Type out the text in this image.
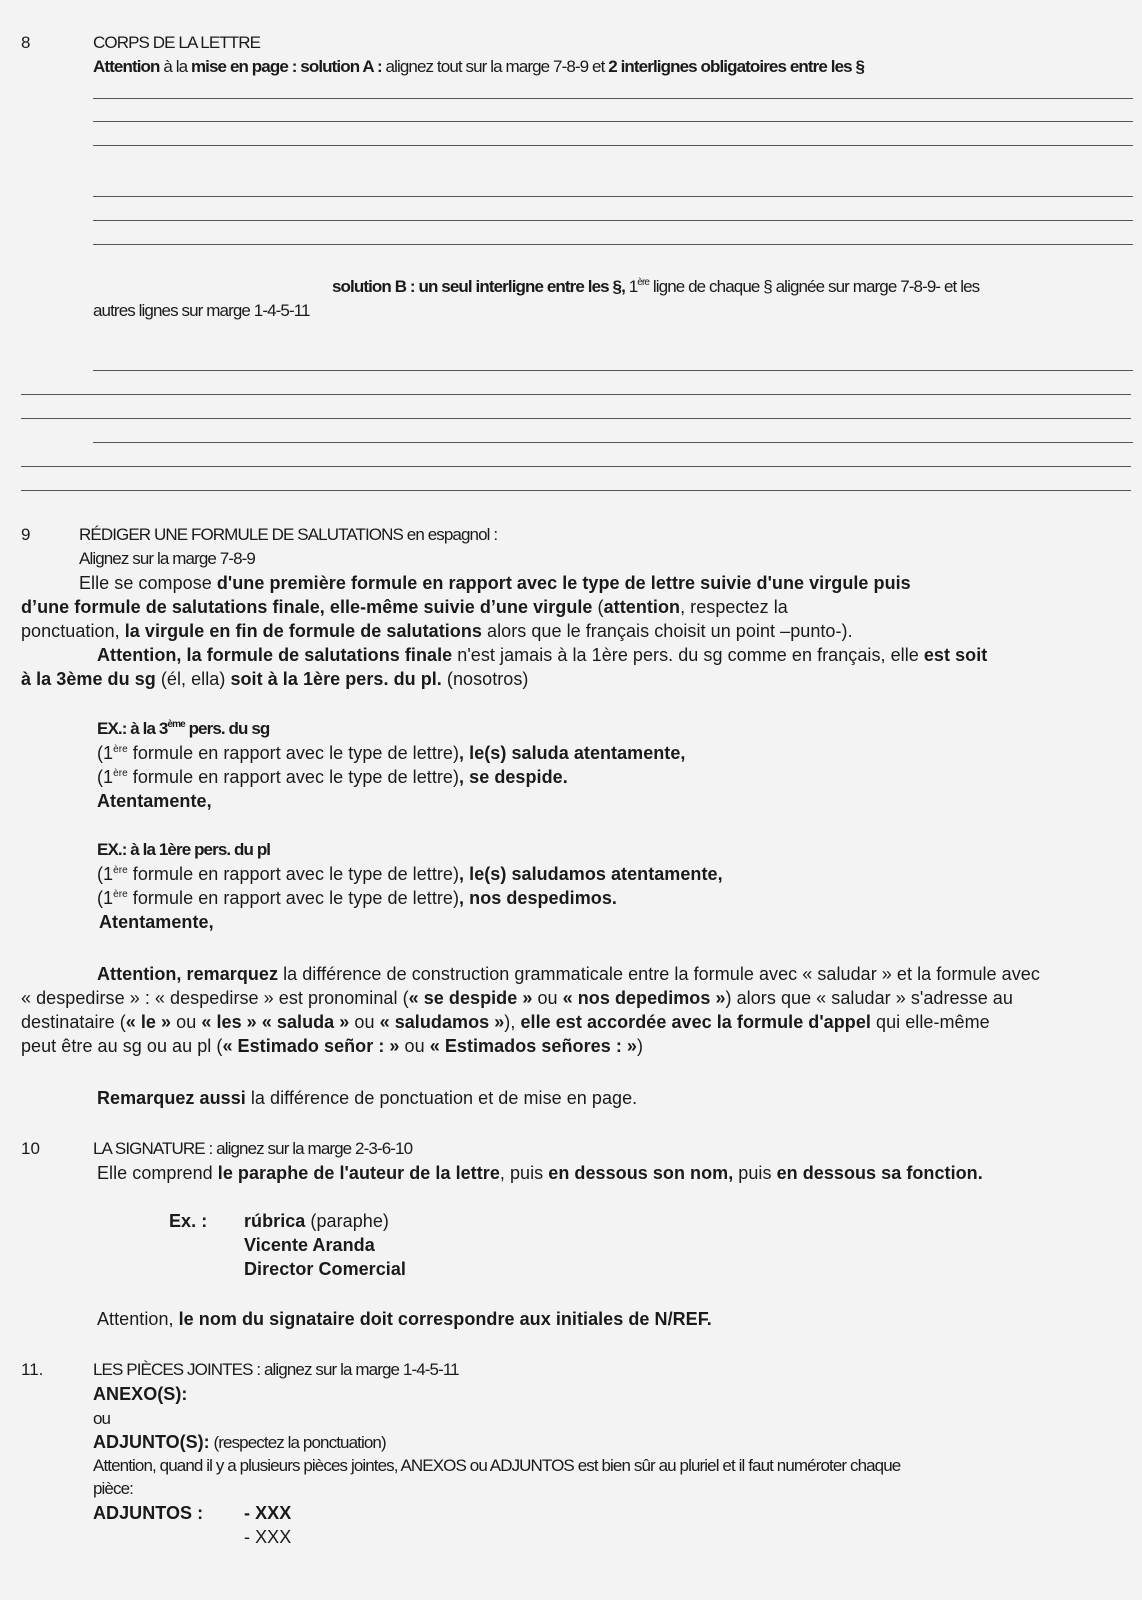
8	CORPS DE LA LETTRE
Attention à la mise en page : solution A : alignez tout sur la marge 7-8-9 et 2 interlignes obligatoires entre les §
solution B : un seul interligne entre les §, 1ère ligne de chaque § alignée sur marge 7-8-9- et les
autres lignes sur marge 1-4-5-11
9	RÉDIGER UNE FORMULE DE SALUTATIONS en espagnol :
Alignez sur la marge 7-8-9
Elle se compose d'une première formule en rapport avec le type de lettre suivie d'une virgule puis
d’une formule de salutations finale, elle-même suivie d’une virgule (attention, respectez la
ponctuation, la virgule en fin de formule de salutations alors que le français choisit un point –punto-).
Attention, la formule de salutations finale n'est jamais à la 1ère pers. du sg comme en français, elle est soit
à la 3ème du sg (él, ella) soit à la 1ère pers. du pl. (nosotros)
EX.: à la 3ème pers. du sg
(1ère formule en rapport avec le type de lettre), le(s) saluda atentamente,
(1ère formule en rapport avec le type de lettre), se despide.
Atentamente,
EX.: à la 1ère pers. du pl
(1ère formule en rapport avec le type de lettre), le(s) saludamos atentamente,
(1ère formule en rapport avec le type de lettre), nos despedimos.
Atentamente,
Attention, remarquez la différence de construction grammaticale entre la formule avec « saludar » et la formule avec
« despedirse » : « despedirse » est pronominal (« se despide » ou « nos depedimos ») alors que « saludar » s'adresse au
destinataire (« le » ou « les » « saluda » ou « saludamos »), elle est accordée avec la formule d'appel qui elle-même
peut être au sg ou au pl (« Estimado señor : » ou « Estimados señores : »)
Remarquez aussi la différence de ponctuation et de mise en page.
10	LA SIGNATURE : alignez sur la marge 2-3-6-10
Elle comprend le paraphe de l'auteur de la lettre, puis en dessous son nom, puis en dessous sa fonction.
Ex. : rúbrica (paraphe)
Vicente Aranda
Director Comercial
Attention, le nom du signataire doit correspondre aux initiales de N/REF.
11.	LES PIÈCES JOINTES : alignez sur la marge 1-4-5-11
ANEXO(S):
ou
ADJUNTO(S): (respectez la ponctuation)
Attention, quand il y a plusieurs pièces jointes, ANEXOS ou ADJUNTOS est bien sûr au pluriel et il faut numéroter chaque
pièce:
ADJUNTOS : - XXX
- XXX
